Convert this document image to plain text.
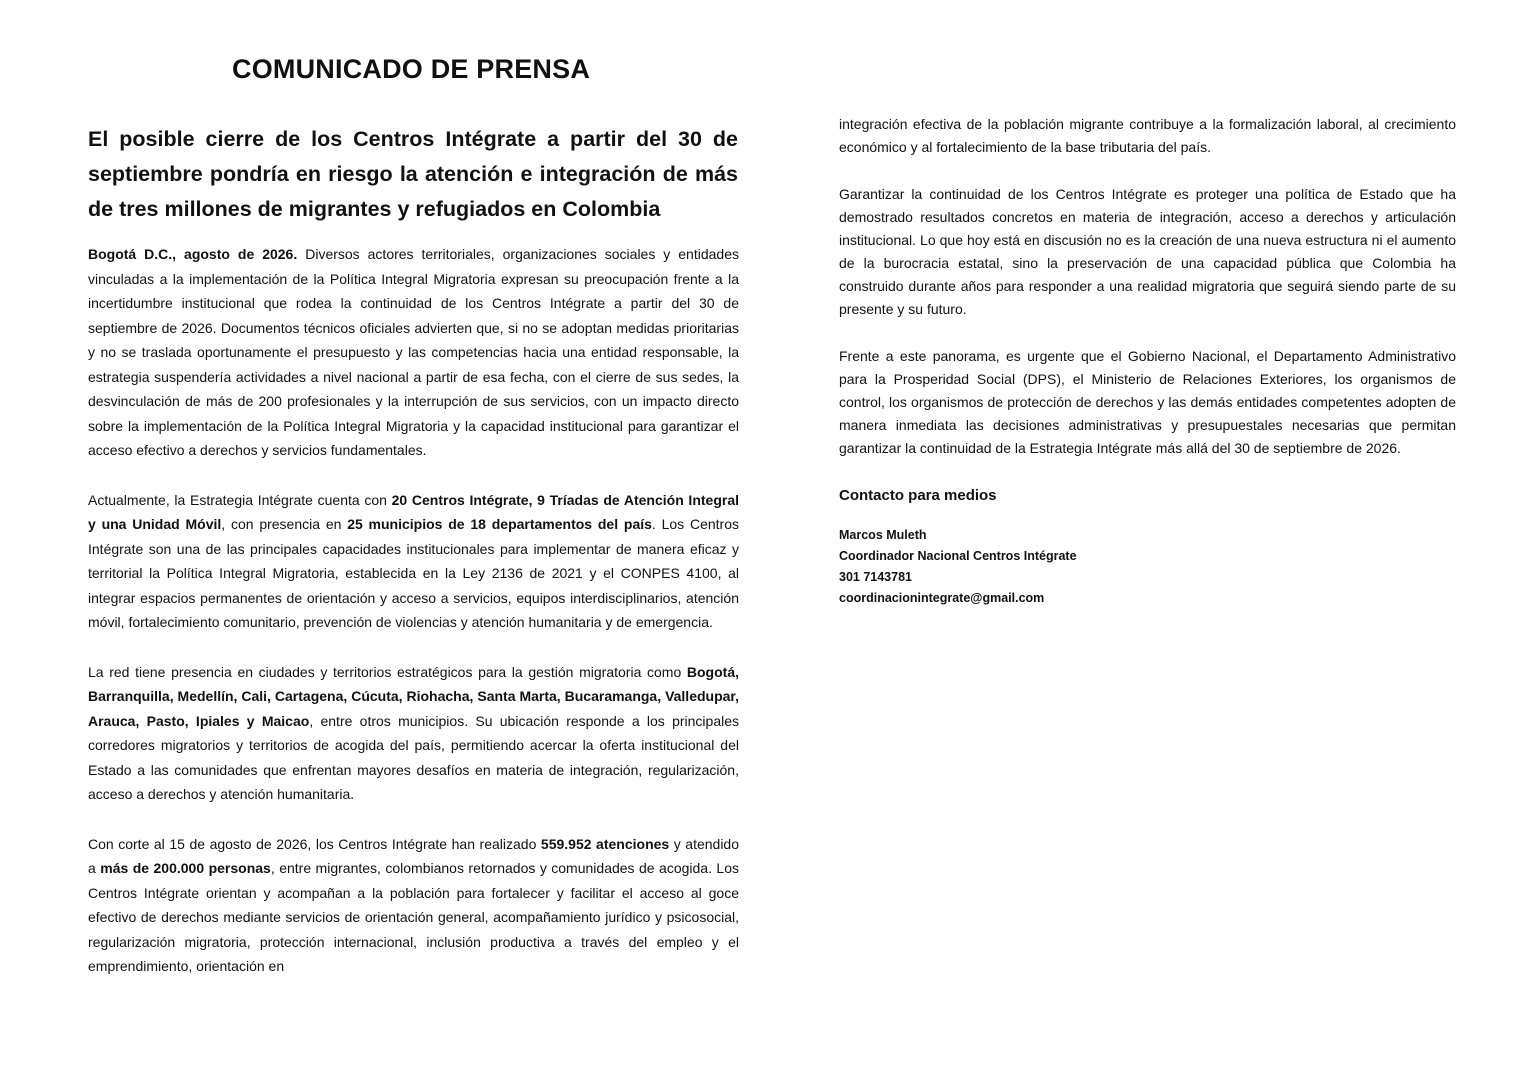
COMUNICADO DE PRENSA
El posible cierre de los Centros Intégrate a partir del 30 de septiembre pondría en riesgo la atención e integración de más de tres millones de migrantes y refugiados en Colombia

Bogotá D.C., agosto de 2026. Diversos actores territoriales, organizaciones sociales y entidades vinculadas a la implementación de la Política Integral Migratoria expresan su preocupación frente a la incertidumbre institucional que rodea la continuidad de los Centros Intégrate a partir del 30 de septiembre de 2026. Documentos técnicos oficiales advierten que, si no se adoptan medidas prioritarias y no se traslada oportunamente el presupuesto y las competencias hacia una entidad responsable, la estrategia suspendería actividades a nivel nacional a partir de esa fecha, con el cierre de sus sedes, la desvinculación de más de 200 profesionales y la interrupción de sus servicios, con un impacto directo sobre la implementación de la Política Integral Migratoria y la capacidad institucional para garantizar el acceso efectivo a derechos y servicios fundamentales.

Actualmente, la Estrategia Intégrate cuenta con 20 Centros Intégrate, 9 Tríadas de Atención Integral y una Unidad Móvil, con presencia en 25 municipios de 18 departamentos del país. Los Centros Intégrate son una de las principales capacidades institucionales para implementar de manera eficaz y territorial la Política Integral Migratoria, establecida en la Ley 2136 de 2021 y el CONPES 4100, al integrar espacios permanentes de orientación y acceso a servicios, equipos interdisciplinarios, atención móvil, fortalecimiento comunitario, prevención de violencias y atención humanitaria y de emergencia.

La red tiene presencia en ciudades y territorios estratégicos para la gestión migratoria como Bogotá, Barranquilla, Medellín, Cali, Cartagena, Cúcuta, Riohacha, Santa Marta, Bucaramanga, Valledupar, Arauca, Pasto, Ipiales y Maicao, entre otros municipios. Su ubicación responde a los principales corredores migratorios y territorios de acogida del país, permitiendo acercar la oferta institucional del Estado a las comunidades que enfrentan mayores desafíos en materia de integración, regularización, acceso a derechos y atención humanitaria.

Con corte al 15 de agosto de 2026, los Centros Intégrate han realizado 559.952 atenciones y atendido a más de 200.000 personas, entre migrantes, colombianos retornados y comunidades de acogida. Los Centros Intégrate orientan y acompañan a la población para fortalecer y facilitar el acceso al goce efectivo de derechos mediante servicios de orientación general, acompañamiento jurídico y psicosocial, regularización migratoria, protección internacional, inclusión productiva a través del empleo y el emprendimiento, orientación en

integración efectiva de la población migrante contribuye a la formalización laboral, al crecimiento económico y al fortalecimiento de la base tributaria del país.

Garantizar la continuidad de los Centros Intégrate es proteger una política de Estado que ha demostrado resultados concretos en materia de integración, acceso a derechos y articulación institucional. Lo que hoy está en discusión no es la creación de una nueva estructura ni el aumento de la burocracia estatal, sino la preservación de una capacidad pública que Colombia ha construido durante años para responder a una realidad migratoria que seguirá siendo parte de su presente y su futuro.

Frente a este panorama, es urgente que el Gobierno Nacional, el Departamento Administrativo para la Prosperidad Social (DPS), el Ministerio de Relaciones Exteriores, los organismos de control, los organismos de protección de derechos y las demás entidades competentes adopten de manera inmediata las decisiones administrativas y presupuestales necesarias que permitan garantizar la continuidad de la Estrategia Intégrate más allá del 30 de septiembre de 2026.

Contacto para medios
Marcos Muleth
Coordinador Nacional Centros Intégrate
301 7143781
coordinacionintegrate@gmail.com
